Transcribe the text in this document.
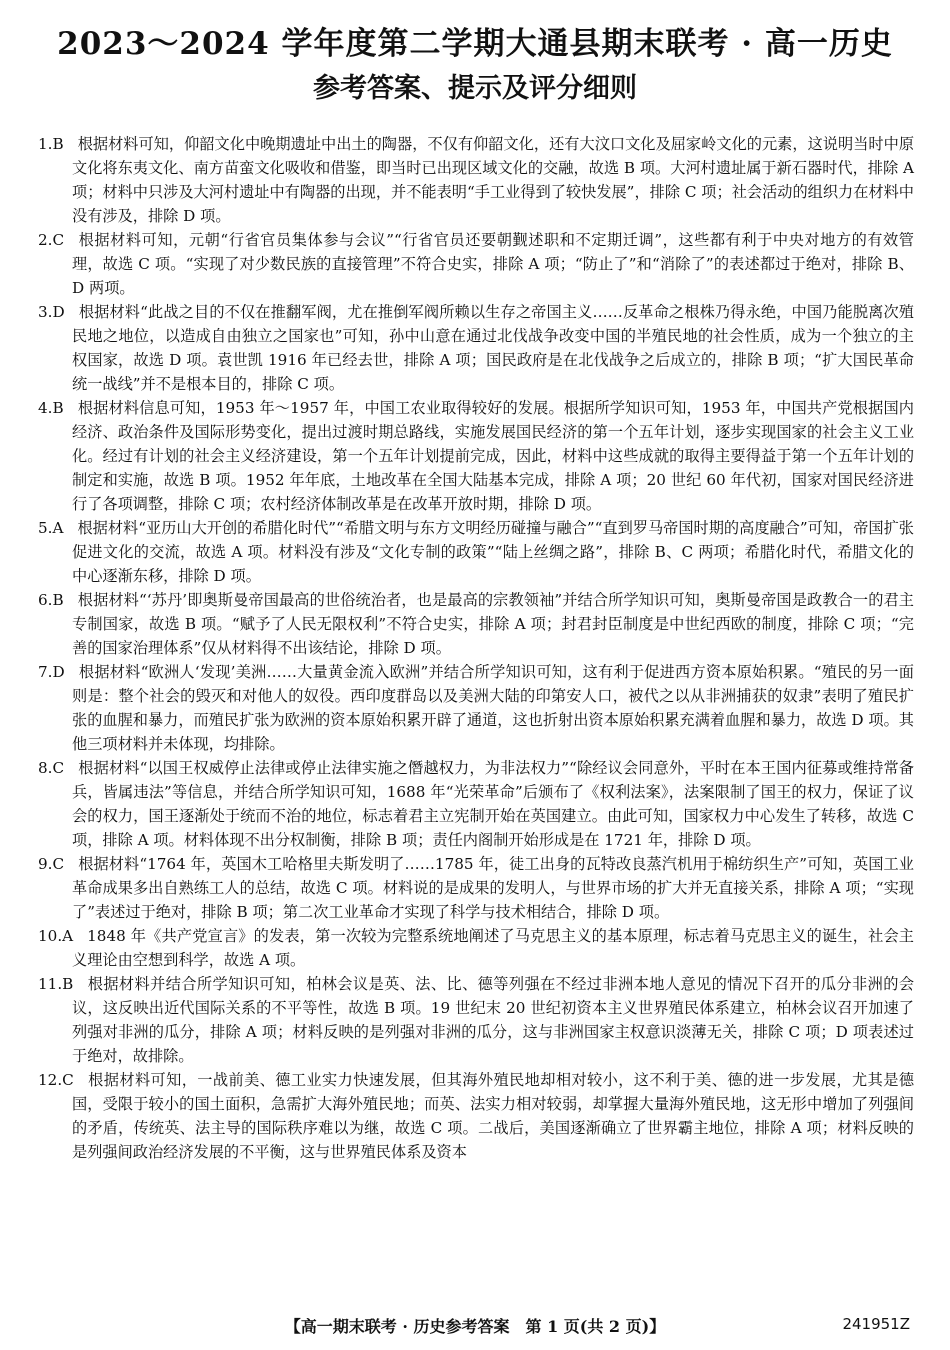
2023～2024 学年度第二学期大通县期末联考 · 高一历史
参考答案、提示及评分细则
1.B 根据材料可知，仰韶文化中晚期遗址中出土的陶器，不仅有仰韶文化，还有大汶口文化及屈家岭文化的元素，这说明当时中原文化将东夷文化、南方苗蛮文化吸收和借鉴，即当时已出现区域文化的交融，故选 B 项。大河村遗址属于新石器时代，排除 A 项；材料中只涉及大河村遗址中有陶器的出现，并不能表明“手工业得到了较快发展”，排除 C 项；社会活动的组织力在材料中没有涉及，排除 D 项。
2.C 根据材料可知，元朝“行省官员集体参与会议”“行省官员还要朝觐述职和不定期迁调”，这些都有利于中央对地方的有效管理，故选 C 项。“实现了对少数民族的直接管理”不符合史实，排除 A 项；“防止了”和“消除了”的表述都过于绝对，排除 B、D 两项。
3.D 根据材料“此战之目的不仅在推翻军阀，尤在推倒军阀所赖以生存之帝国主义……反革命之根株乃得永绝，中国乃能脱离次殖民地之地位，以造成自由独立之国家也”可知，孙中山意在通过北伐战争改变中国的半殖民地的社会性质，成为一个独立的主权国家，故选 D 项。袁世凯 1916 年已经去世，排除 A 项；国民政府是在北伐战争之后成立的，排除 B 项；“扩大国民革命统一战线”并不是根本目的，排除 C 项。
4.B 根据材料信息可知，1953 年～1957 年，中国工农业取得较好的发展。根据所学知识可知，1953 年，中国共产党根据国内经济、政治条件及国际形势变化，提出过渡时期总路线，实施发展国民经济的第一个五年计划，逐步实现国家的社会主义工业化。经过有计划的社会主义经济建设，第一个五年计划提前完成，因此，材料中这些成就的取得主要得益于第一个五年计划的制定和实施，故选 B 项。1952 年年底，土地改革在全国大陆基本完成，排除 A 项；20 世纪 60 年代初，国家对国民经济进行了各项调整，排除 C 项；农村经济体制改革是在改革开放时期，排除 D 项。
5.A 根据材料“亚历山大开创的希腊化时代”“希腊文明与东方文明经历碰撞与融合”“直到罗马帝国时期的高度融合”可知，帝国扩张促进文化的交流，故选 A 项。材料没有涉及“文化专制的政策”“陆上丝绸之路”，排除 B、C 两项；希腊化时代，希腊文化的中心逐渐东移，排除 D 项。
6.B 根据材料“‘苏丹’即奥斯曼帝国最高的世俗统治者，也是最高的宗教领袖”并结合所学知识可知，奥斯曼帝国是政教合一的君主专制国家，故选 B 项。“赋予了人民无限权利”不符合史实，排除 A 项；封君封臣制度是中世纪西欧的制度，排除 C 项；“完善的国家治理体系”仅从材料得不出该结论，排除 D 项。
7.D 根据材料“欧洲人‘发现’美洲……大量黄金流入欧洲”并结合所学知识可知，这有利于促进西方资本原始积累。“殖民的另一面则是：整个社会的毁灭和对他人的奴役。西印度群岛以及美洲大陆的印第安人口，被代之以从非洲捕获的奴隶”表明了殖民扩张的血腥和暴力，而殖民扩张为欧洲的资本原始积累开辟了通道，这也折射出资本原始积累充满着血腥和暴力，故选 D 项。其他三项材料并未体现，均排除。
8.C 根据材料“以国王权威停止法律或停止法律实施之僭越权力，为非法权力”“除经议会同意外，平时在本王国内征募或维持常备兵，皆属违法”等信息，并结合所学知识可知，1688 年“光荣革命”后颁布了《权利法案》，法案限制了国王的权力，保证了议会的权力，国王逐渐处于统而不治的地位，标志着君主立宪制开始在英国建立。由此可知，国家权力中心发生了转移，故选 C 项，排除 A 项。材料体现不出分权制衡，排除 B 项；责任内阁制开始形成是在 1721 年，排除 D 项。
9.C 根据材料“1764 年，英国木工哈格里夫斯发明了……1785 年，徒工出身的瓦特改良蒸汽机用于棉纺织生产”可知，英国工业革命成果多出自熟练工人的总结，故选 C 项。材料说的是成果的发明人，与世界市场的扩大并无直接关系，排除 A 项；“实现了”表述过于绝对，排除 B 项；第二次工业革命才实现了科学与技术相结合，排除 D 项。
10.A 1848 年《共产党宣言》的发表，第一次较为完整系统地阐述了马克思主义的基本原理，标志着马克思主义的诞生，社会主义理论由空想到科学，故选 A 项。
11.B 根据材料并结合所学知识可知，柏林会议是英、法、比、德等列强在不经过非洲本地人意见的情况下召开的瓜分非洲的会议，这反映出近代国际关系的不平等性，故选 B 项。19 世纪末 20 世纪初资本主义世界殖民体系建立，柏林会议召开加速了列强对非洲的瓜分，排除 A 项；材料反映的是列强对非洲的瓜分，这与非洲国家主权意识淡薄无关，排除 C 项；D 项表述过于绝对，故排除。
12.C 根据材料可知，一战前美、德工业实力快速发展，但其海外殖民地却相对较小，这不利于美、德的进一步发展，尤其是德国，受限于较小的国土面积，急需扩大海外殖民地；而英、法实力相对较弱，却掌握大量海外殖民地，这无形中增加了列强间的矛盾，传统英、法主导的国际秩序难以为继，故选 C 项。二战后，美国逐渐确立了世界霸主地位，排除 A 项；材料反映的是列强间政治经济发展的不平衡，这与世界殖民体系及资本
【高一期末联考 · 历史参考答案　第 1 页(共 2 页)】	241951Z
